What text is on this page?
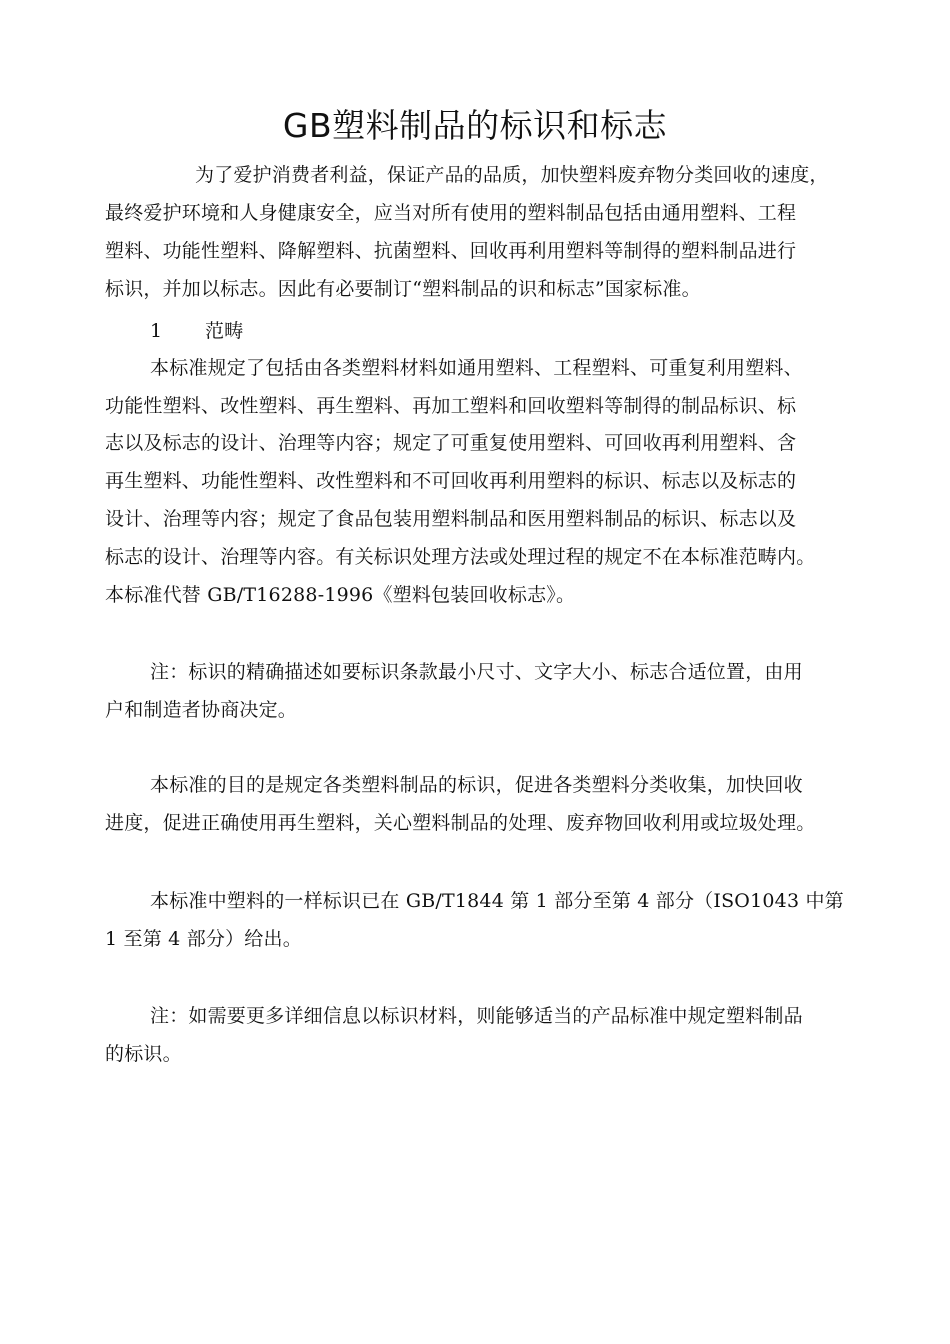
GB塑料制品的标识和标志
为了爱护消费者利益，保证产品的品质，加快塑料废弃物分类回收的速度，
最终爱护环境和人身健康安全，应当对所有使用的塑料制品包括由通用塑料、工程
塑料、功能性塑料、降解塑料、抗菌塑料、回收再利用塑料等制得的塑料制品进行
标识，并加以标志。因此有必要制订“塑料制品的识和标志”国家标准。
1 范畴
本标准规定了包括由各类塑料材料如通用塑料、工程塑料、可重复利用塑料、
功能性塑料、改性塑料、再生塑料、再加工塑料和回收塑料等制得的制品标识、标
志以及标志的设计、治理等内容；规定了可重复使用塑料、可回收再利用塑料、含
再生塑料、功能性塑料、改性塑料和不可回收再利用塑料的标识、标志以及标志的
设计、治理等内容；规定了食品包装用塑料制品和医用塑料制品的标识、标志以及
标志的设计、治理等内容。有关标识处理方法或处理过程的规定不在本标准范畴内。
本标准代替 GB/T16288-1996《塑料包装回收标志》。
注：标识的精确描述如要标识条款最小尺寸、文字大小、标志合适位置，由用
户和制造者协商决定。
本标准的目的是规定各类塑料制品的标识，促进各类塑料分类收集，加快回收
进度，促进正确使用再生塑料，关心塑料制品的处理、废弃物回收利用或垃圾处理。
本标准中塑料的一样标识已在 GB/T1844 第 1 部分至第 4 部分（ISO1043 中第
1 至第 4 部分）给出。
注：如需要更多详细信息以标识材料，则能够适当的产品标准中规定塑料制品
的标识。
